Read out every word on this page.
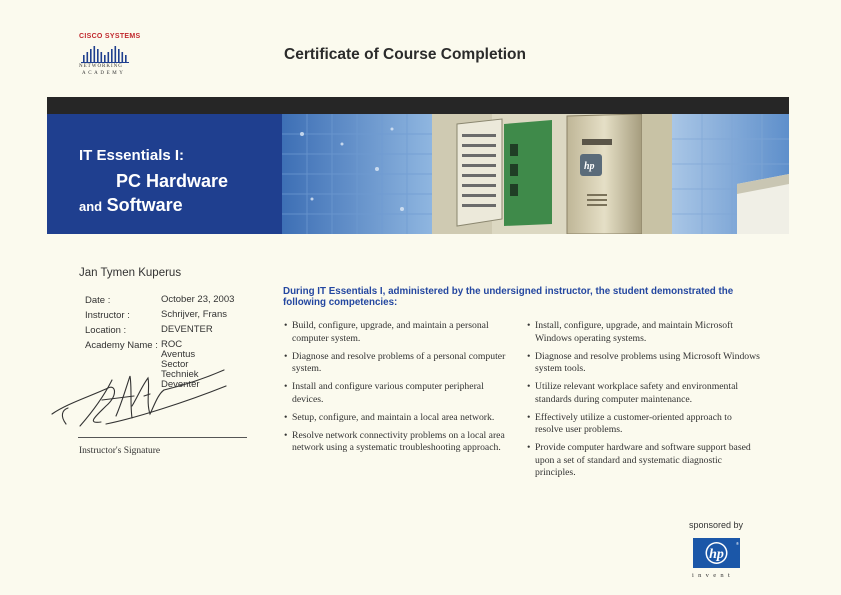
CISCO SYSTEMS
NETWORKING
ACADEMY
Certificate of Course Completion
IT Essentials I:
PC Hardware
and Software
hp
Jan Tymen Kuperus
Date :	October 23, 2003
Instructor :	Schrijver, Frans
Location :	DEVENTER
Academy Name : ROC Aventus Sector
Techniek Deventer
Instructor's Signature
During IT Essentials I, administered by the undersigned instructor, the student demonstrated the following competencies:
• Build, configure, upgrade, and maintain a personal computer system.
• Diagnose and resolve problems of a personal computer system.
• Install and configure various computer peripheral devices.
• Setup, configure, and maintain a local area network.
• Resolve network connectivity problems on a local area network using a systematic troubleshooting approach.
• Install, configure, upgrade, and maintain Microsoft Windows operating systems.
• Diagnose and resolve problems using Microsoft Windows system tools.
• Utilize relevant workplace safety and environmental standards during computer maintenance.
• Effectively utilize a customer-oriented approach to resolve user problems.
• Provide computer hardware and software support based upon a set of standard and systematic diagnostic principles.
sponsored by
hp
®
invent
